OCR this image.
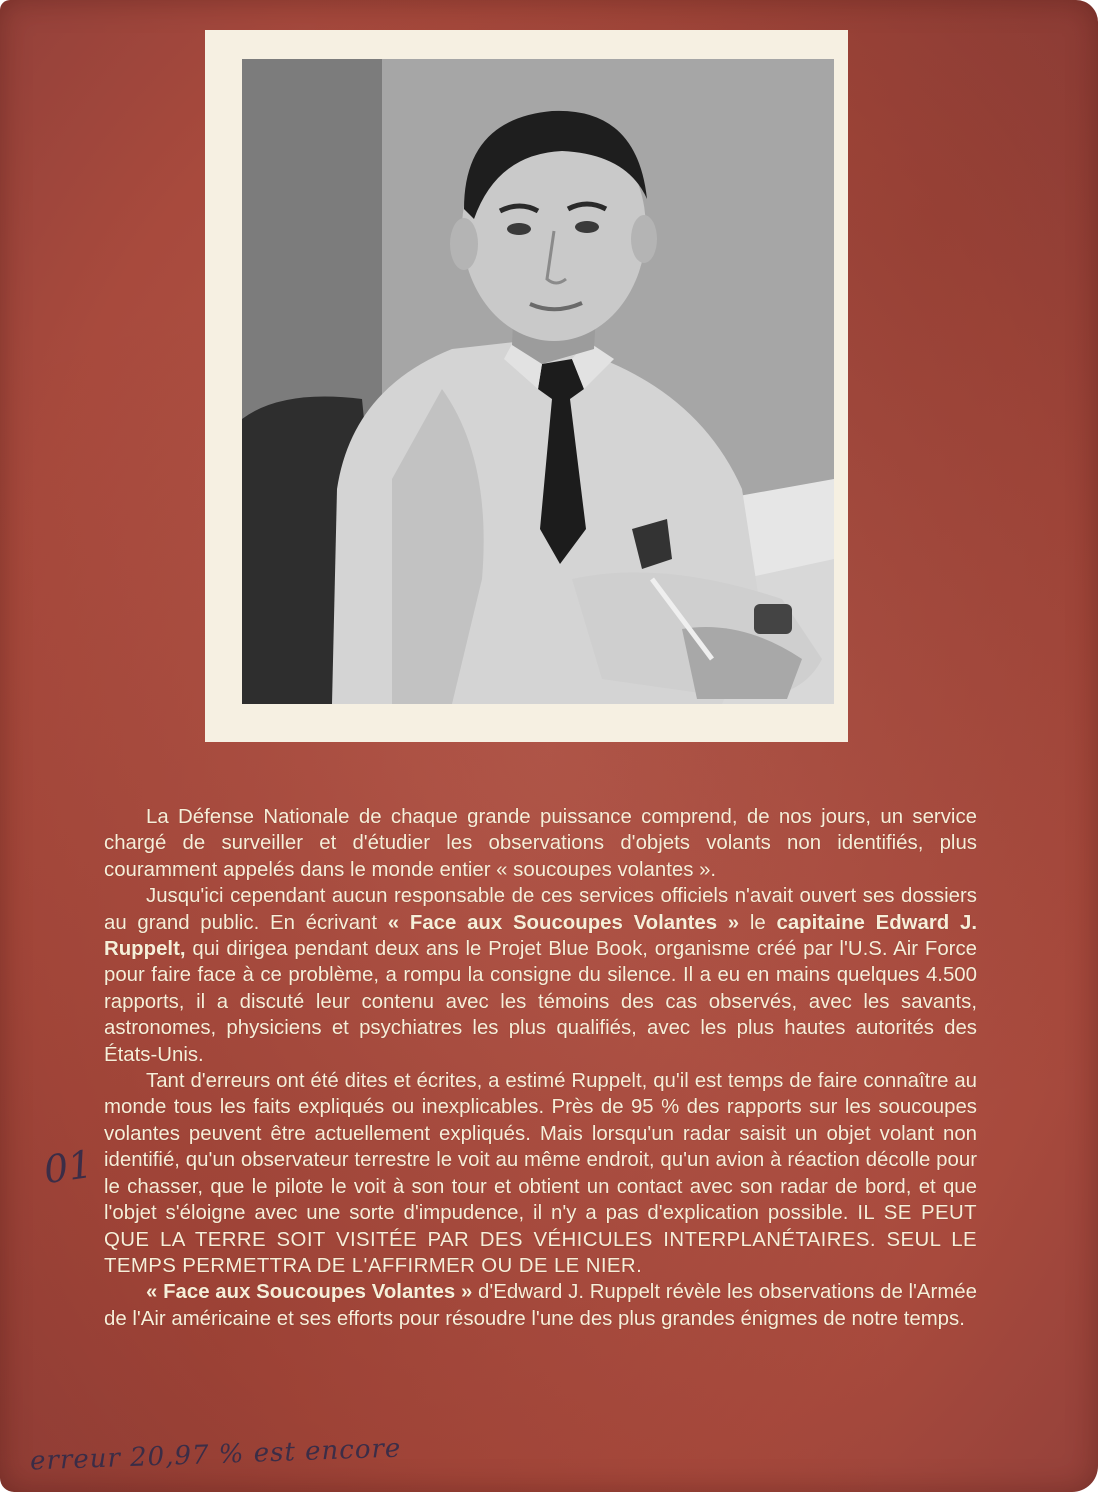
La Défense Nationale de chaque grande puissance comprend, de nos jours, un service chargé de surveiller et d'étudier les observations d'objets volants non identifiés, plus couramment appelés dans le monde entier « soucoupes volantes ».

Jusqu'ici cependant aucun responsable de ces services officiels n'avait ouvert ses dossiers au grand public. En écrivant « Face aux Soucoupes Volantes » le capitaine Edward J. Ruppelt, qui dirigea pendant deux ans le Projet Blue Book, organisme créé par l'U.S. Air Force pour faire face à ce problème, a rompu la consigne du silence. Il a eu en mains quelques 4.500 rapports, il a discuté leur contenu avec les témoins des cas observés, avec les savants, astronomes, physiciens et psychiatres les plus qualifiés, avec les plus hautes autorités des États-Unis.

Tant d'erreurs ont été dites et écrites, a estimé Ruppelt, qu'il est temps de faire connaître au monde tous les faits expliqués ou inexplicables. Près de 95 % des rapports sur les soucoupes volantes peuvent être actuellement expliqués. Mais lorsqu'un radar saisit un objet volant non identifié, qu'un observateur terrestre le voit au même endroit, qu'un avion à réaction décolle pour le chasser, que le pilote le voit à son tour et obtient un contact avec son radar de bord, et que l'objet s'éloigne avec une sorte d'impudence, il n'y a pas d'explication possible. IL SE PEUT QUE LA TERRE SOIT VISITÉE PAR DES VÉHICULES INTERPLANÉTAIRES. SEUL LE TEMPS PERMETTRA DE L'AFFIRMER OU DE LE NIER.

« Face aux Soucoupes Volantes » d'Edward J. Ruppelt révèle les observations de l'Armée de l'Air américaine et ses efforts pour résoudre l'une des plus grandes énigmes de notre temps.

01
erreur 20,97 % est encore
